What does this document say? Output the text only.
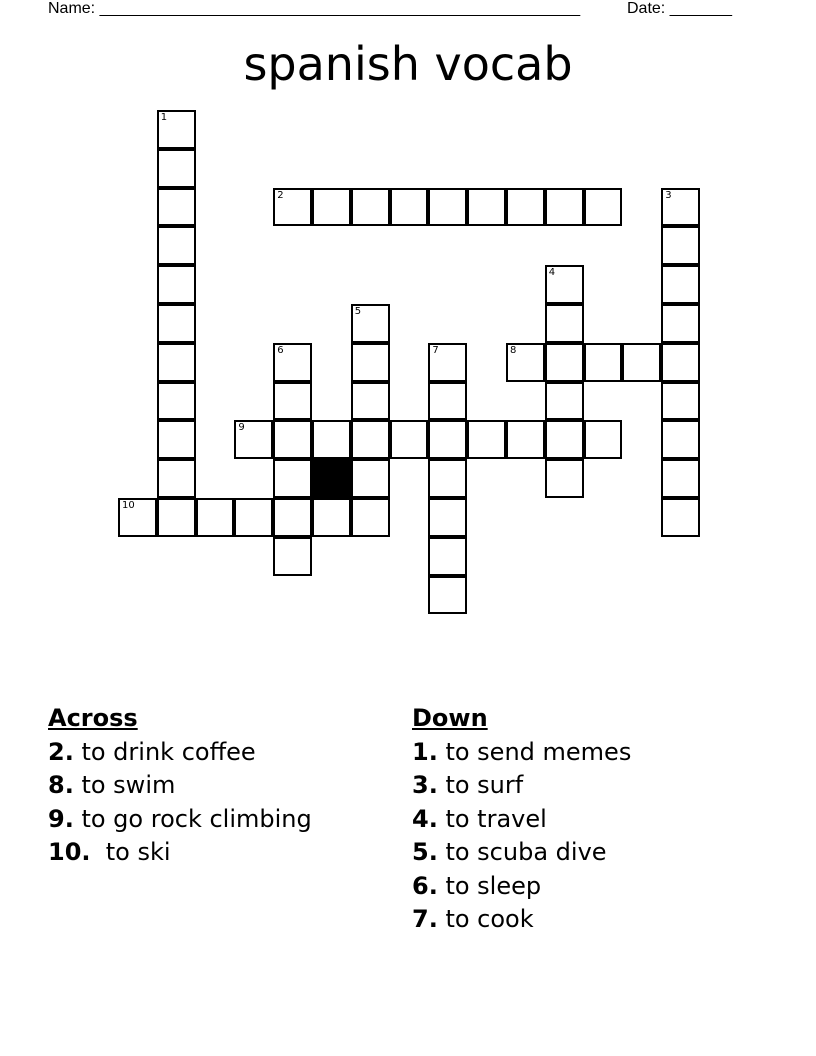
Name: ______________________________________________________	Date: _______
spanish vocab
1
2	3
4
5
6	7	8
9
10
Across
2. to drink coffee
8. to swim
9. to go rock climbing
10.  to ski
Down
1. to send memes
3. to surf
4. to travel
5. to scuba dive
6. to sleep
7. to cook
